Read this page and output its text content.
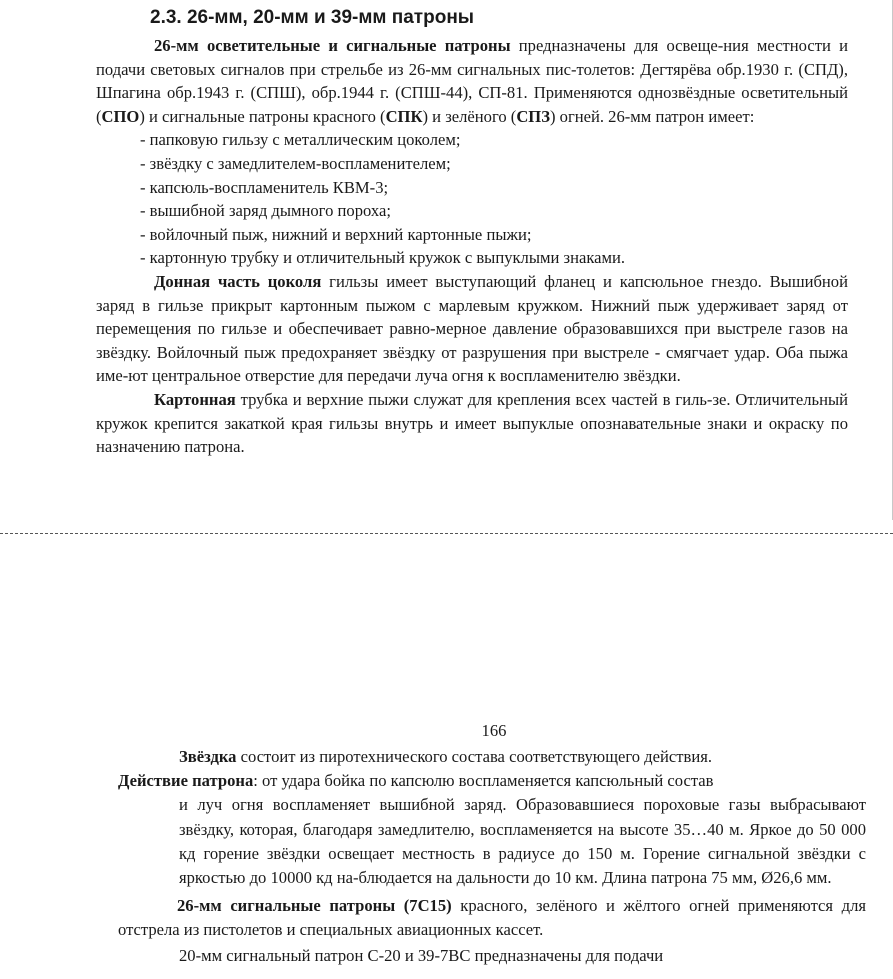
2.3. 26-мм, 20-мм и 39-мм патроны

26-мм осветительные и сигнальные патроны предназначены для освеще-ния местности и подачи световых сигналов при стрельбе из 26-мм сигнальных пис-толетов: Дегтярёва обр.1930 г. (СПД), Шпагина обр.1943 г. (СПШ), обр.1944 г. (СПШ-44), СП-81. Применяются однозвёздные осветительный (СПО) и сигнальные патроны красного (СПК) и зелёного (СПЗ) огней. 26-мм патрон имеет:

- папковую гильзу с металлическим цоколем;
- звёздку с замедлителем-воспламенителем;
- капсюль-воспламенитель КВМ-3;
- вышибной заряд дымного пороха;
- войлочный пыж, нижний и верхний картонные пыжи;
- картонную трубку и отличительный кружок с выпуклыми знаками.

Донная часть цоколя гильзы имеет выступающий фланец и капсюльное гнездо. Вышибной заряд в гильзе прикрыт картонным пыжом с марлевым кружком. Нижний пыж удерживает заряд от перемещения по гильзе и обеспечивает равно-мерное давление образовавшихся при выстреле газов на звёздку. Войлочный пыж предохраняет звёздку от разрушения при выстреле - смягчает удар. Оба пыжа име-ют центральное отверстие для передачи луча огня к воспламенителю звёздки.

Картонная трубка и верхние пыжи служат для крепления всех частей в гиль-зе. Отличительный кружок крепится закаткой края гильзы внутрь и имеет выпуклые опознавательные знаки и окраску по назначению патрона.

166

Звёздка состоит из пиротехнического состава соответствующего действия.

Действие патрона: от удара бойка по капсюлю воспламеняется капсюльный состав

и луч огня воспламеняет вышибной заряд. Образовавшиеся пороховые газы выбрасывают звёздку, которая, благодаря замедлителю, воспламеняется на высоте 35…40 м. Яркое до 50 000 кд горение звёздки освещает местность в радиусе до 150 м. Горение сигнальной звёздки с яркостью до 10000 кд на-блюдается на дальности до 10 км. Длина патрона 75 мм, Ø26,6 мм.

26-мм сигнальные патроны (7С15) красного, зелёного и жёлтого огней применяются для отстрела из пистолетов и специальных авиационных кассет.

20-мм сигнальный патрон С-20 и 39-7ВС предназначены для подачи
